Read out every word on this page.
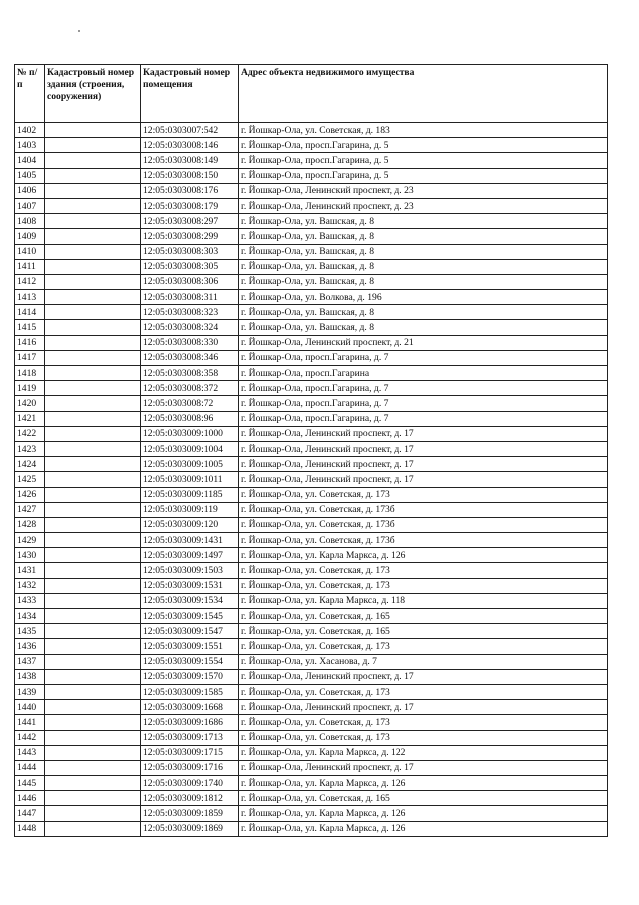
№ п/п	Кадастровый номер здания (строения, сооружения)	Кадастровый номер помещения	Адрес объекта недвижимого имущества
1402		12:05:0303007:542	г. Йошкар-Ола, ул. Советская, д. 183
1403		12:05:0303008:146	г. Йошкар-Ола, просп.Гагарина, д. 5
1404		12:05:0303008:149	г. Йошкар-Ола, просп.Гагарина, д. 5
1405		12:05:0303008:150	г. Йошкар-Ола, просп.Гагарина, д. 5
1406		12:05:0303008:176	г. Йошкар-Ола, Ленинский проспект, д. 23
1407		12:05:0303008:179	г. Йошкар-Ола, Ленинский проспект, д. 23
1408		12:05:0303008:297	г. Йошкар-Ола, ул. Вашская, д. 8
1409		12:05:0303008:299	г. Йошкар-Ола, ул. Вашская, д. 8
1410		12:05:0303008:303	г. Йошкар-Ола, ул. Вашская, д. 8
1411		12:05:0303008:305	г. Йошкар-Ола, ул. Вашская, д. 8
1412		12:05:0303008:306	г. Йошкар-Ола, ул. Вашская, д. 8
1413		12:05:0303008:311	г. Йошкар-Ола, ул. Волкова, д. 196
1414		12:05:0303008:323	г. Йошкар-Ола, ул. Вашская, д. 8
1415		12:05:0303008:324	г. Йошкар-Ола, ул. Вашская, д. 8
1416		12:05:0303008:330	г. Йошкар-Ола, Ленинский проспект, д. 21
1417		12:05:0303008:346	г. Йошкар-Ола, просп.Гагарина, д. 7
1418		12:05:0303008:358	г. Йошкар-Ола, просп.Гагарина
1419		12:05:0303008:372	г. Йошкар-Ола, просп.Гагарина, д. 7
1420		12:05:0303008:72	г. Йошкар-Ола, просп.Гагарина, д. 7
1421		12:05:0303008:96	г. Йошкар-Ола, просп.Гагарина, д. 7
1422		12:05:0303009:1000	г. Йошкар-Ола, Ленинский проспект, д. 17
1423		12:05:0303009:1004	г. Йошкар-Ола, Ленинский проспект, д. 17
1424		12:05:0303009:1005	г. Йошкар-Ола, Ленинский проспект, д. 17
1425		12:05:0303009:1011	г. Йошкар-Ола, Ленинский проспект, д. 17
1426		12:05:0303009:1185	г. Йошкар-Ола, ул. Советская, д. 173
1427		12:05:0303009:119	г. Йошкар-Ола, ул. Советская, д. 173б
1428		12:05:0303009:120	г. Йошкар-Ола, ул. Советская, д. 173б
1429		12:05:0303009:1431	г. Йошкар-Ола, ул. Советская, д. 173б
1430		12:05:0303009:1497	г. Йошкар-Ола, ул. Карла Маркса, д. 126
1431		12:05:0303009:1503	г. Йошкар-Ола, ул. Советская, д. 173
1432		12:05:0303009:1531	г. Йошкар-Ола, ул. Советская, д. 173
1433		12:05:0303009:1534	г. Йошкар-Ола, ул. Карла Маркса, д. 118
1434		12:05:0303009:1545	г. Йошкар-Ола, ул. Советская, д. 165
1435		12:05:0303009:1547	г. Йошкар-Ола, ул. Советская, д. 165
1436		12:05:0303009:1551	г. Йошкар-Ола, ул. Советская, д. 173
1437		12:05:0303009:1554	г. Йошкар-Ола, ул. Хасанова, д. 7
1438		12:05:0303009:1570	г. Йошкар-Ола, Ленинский проспект, д. 17
1439		12:05:0303009:1585	г. Йошкар-Ола, ул. Советская, д. 173
1440		12:05:0303009:1668	г. Йошкар-Ола, Ленинский проспект, д. 17
1441		12:05:0303009:1686	г. Йошкар-Ола, ул. Советская, д. 173
1442		12:05:0303009:1713	г. Йошкар-Ола, ул. Советская, д. 173
1443		12:05:0303009:1715	г. Йошкар-Ола, ул. Карла Маркса, д. 122
1444		12:05:0303009:1716	г. Йошкар-Ола, Ленинский проспект, д. 17
1445		12:05:0303009:1740	г. Йошкар-Ола, ул. Карла Маркса, д. 126
1446		12:05:0303009:1812	г. Йошкар-Ола, ул. Советская, д. 165
1447		12:05:0303009:1859	г. Йошкар-Ола, ул. Карла Маркса, д. 126
1448		12:05:0303009:1869	г. Йошкар-Ола, ул. Карла Маркса, д. 126
